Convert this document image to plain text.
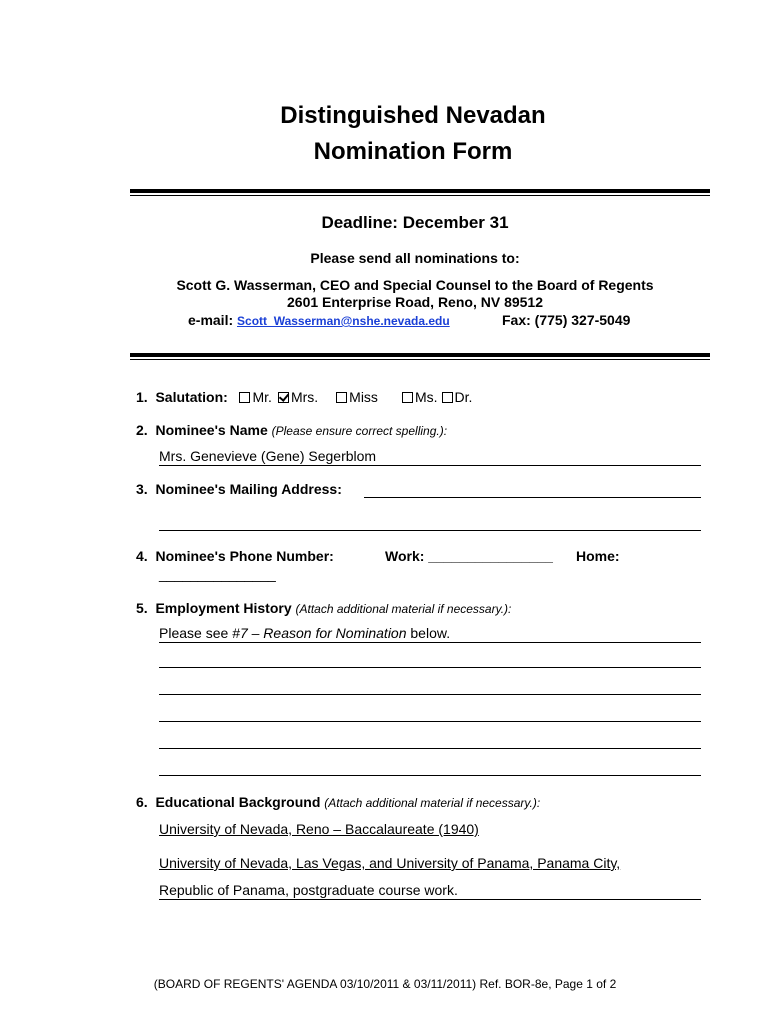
Distinguished Nevadan
Nomination Form
Deadline: December 31
Please send all nominations to:
Scott G. Wasserman, CEO and Special Counsel to the Board of Regents
2601 Enterprise Road, Reno, NV 89512
e-mail: Scott_Wasserman@nshe.nevada.edu	Fax: (775) 327-5049
1. Salutation: Mr. Mrs. Miss	Ms. Dr.
2. Nominee's Name (Please ensure correct spelling.):
Mrs. Genevieve (Gene) Segerblom
3. Nominee's Mailing Address:
4. Nominee's Phone Number:	Work: ________________ Home:
_______________
5. Employment History (Attach additional material if necessary.):
Please see #7 – Reason for Nomination below.
6. Educational Background (Attach additional material if necessary.):
University of Nevada, Reno – Baccalaureate (1940)
University of Nevada, Las Vegas, and University of Panama, Panama City,
Republic of Panama, postgraduate course work.
(BOARD OF REGENTS' AGENDA 03/10/2011 & 03/11/2011) Ref. BOR-8e, Page 1 of 2
